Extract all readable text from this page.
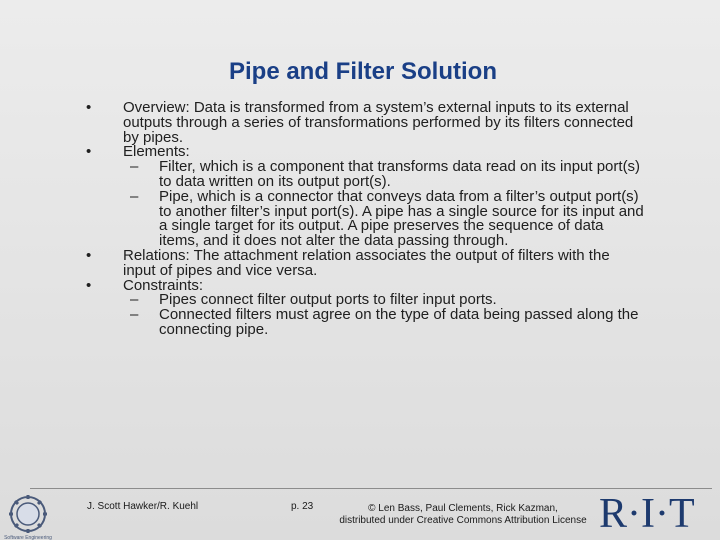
Pipe and Filter Solution
• Overview: Data is transformed from a system’s external inputs to its external outputs through a series of transformations performed by its filters connected by pipes.
• Elements:
– Filter, which is a component that transforms data read on its input port(s) to data written on its output port(s).
– Pipe, which is a connector that conveys data from a filter’s output port(s) to another filter’s input port(s). A pipe has a single source for its input and a single target for its output. A pipe preserves the sequence of data items, and it does not alter the data passing through.
• Relations: The attachment relation associates the output of filters with the input of pipes and vice versa.
• Constraints:
– Pipes connect filter output ports to filter input ports.
– Connected filters must agree on the type of data being passed along the connecting pipe.
Software Engineering
J. Scott Hawker/R. Kuehl	p. 23	© Len Bass, Paul Clements, Rick Kazman,
distributed under Creative Commons Attribution License R·I·T
